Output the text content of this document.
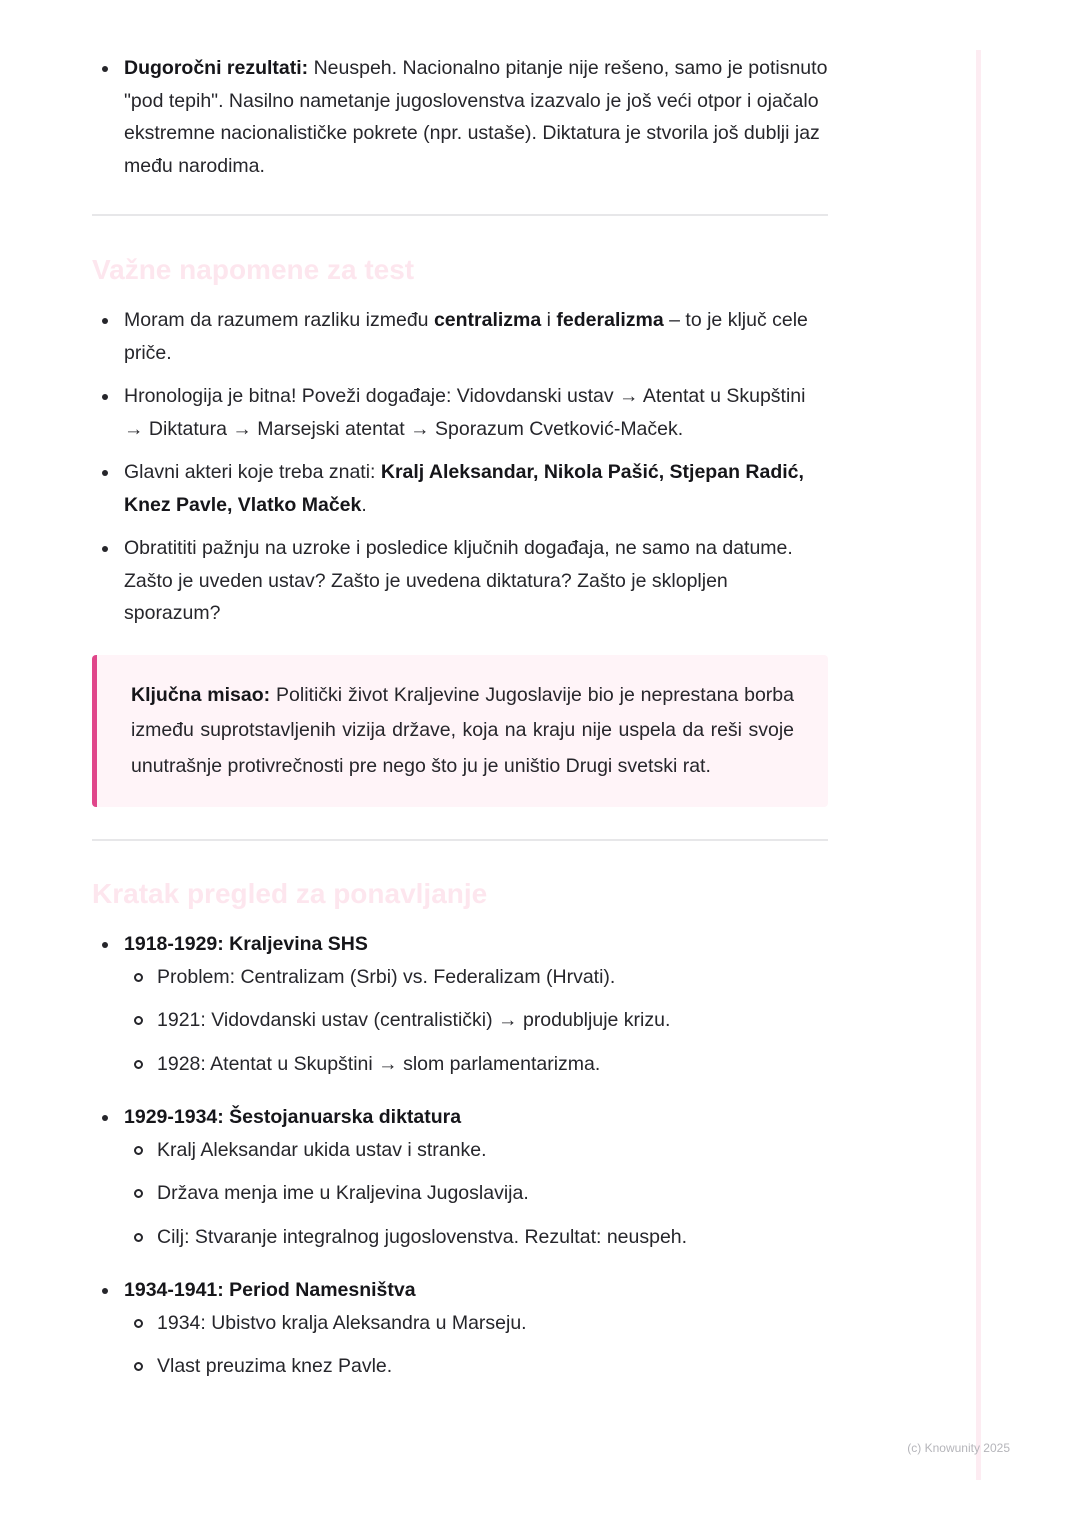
Dugoročni rezultati: Neuspeh. Nacionalno pitanje nije rešeno, samo je potisnuto "pod tepih". Nasilno nametanje jugoslovenstva izazvalo je još veći otpor i ojačalo ekstremne nacionalističke pokrete (npr. ustaše). Diktatura je stvorila još dublji jaz među narodima.
Važne napomene za test
Moram da razumem razliku između centralizma i federalizma – to je ključ cele priče.
Hronologija je bitna! Poveži događaje: Vidovdanski ustav → Atentat u Skupštini → Diktatura → Marsejski atentat → Sporazum Cvetković-Maček.
Glavni akteri koje treba znati: Kralj Aleksandar, Nikola Pašić, Stjepan Radić, Knez Pavle, Vlatko Maček.
Obratititi pažnju na uzroke i posledice ključnih događaja, ne samo na datume. Zašto je uveden ustav? Zašto je uvedena diktatura? Zašto je sklopljen sporazum?
Ključna misao: Politički život Kraljevine Jugoslavije bio je neprestana borba između suprotstavljenih vizija države, koja na kraju nije uspela da reši svoje unutrašnje protivrečnosti pre nego što ju je uništio Drugi svetski rat.
Kratak pregled za ponavljanje
1918-1929: Kraljevina SHS
Problem: Centralizam (Srbi) vs. Federalizam (Hrvati).
1921: Vidovdanski ustav (centralistički) → produbljuje krizu.
1928: Atentat u Skupštini → slom parlamentarizma.
1929-1934: Šestojanuarska diktatura
Kralj Aleksandar ukida ustav i stranke.
Država menja ime u Kraljevina Jugoslavija.
Cilj: Stvaranje integralnog jugoslovenstva. Rezultat: neuspeh.
1934-1941: Period Namesništva
1934: Ubistvo kralja Aleksandra u Marseju.
Vlast preuzima knez Pavle.
(c) Knowunity 2025
